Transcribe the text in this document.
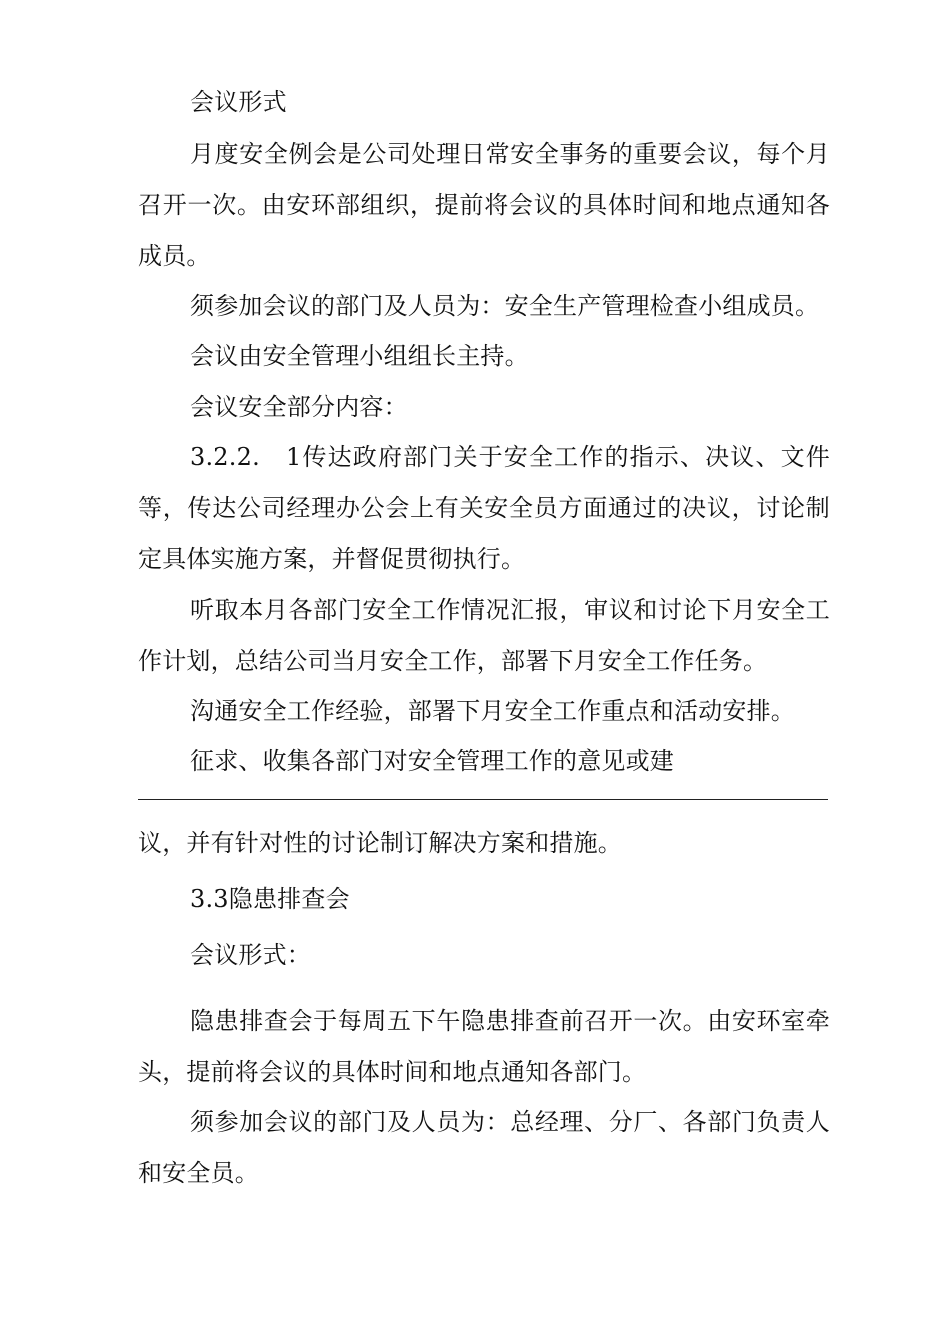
会议形式

月度安全例会是公司处理日常安全事务的重要会议，每个月召开一次。由安环部组织，提前将会议的具体时间和地点通知各成员。

须参加会议的部门及人员为：安全生产管理检查小组成员。

会议由安全管理小组组长主持。

会议安全部分内容：

3.2.2.　1传达政府部门关于安全工作的指示、决议、文件等，传达公司经理办公会上有关安全员方面通过的决议，讨论制定具体实施方案，并督促贯彻执行。

听取本月各部门安全工作情况汇报，审议和讨论下月安全工作计划，总结公司当月安全工作，部署下月安全工作任务。

沟通安全工作经验，部署下月安全工作重点和活动安排。

征求、收集各部门对安全管理工作的意见或建

议，并有针对性的讨论制订解决方案和措施。

3.3隐患排查会

会议形式：

隐患排查会于每周五下午隐患排查前召开一次。由安环室牵头，提前将会议的具体时间和地点通知各部门。

须参加会议的部门及人员为：总经理、分厂、各部门负责人和安全员。
